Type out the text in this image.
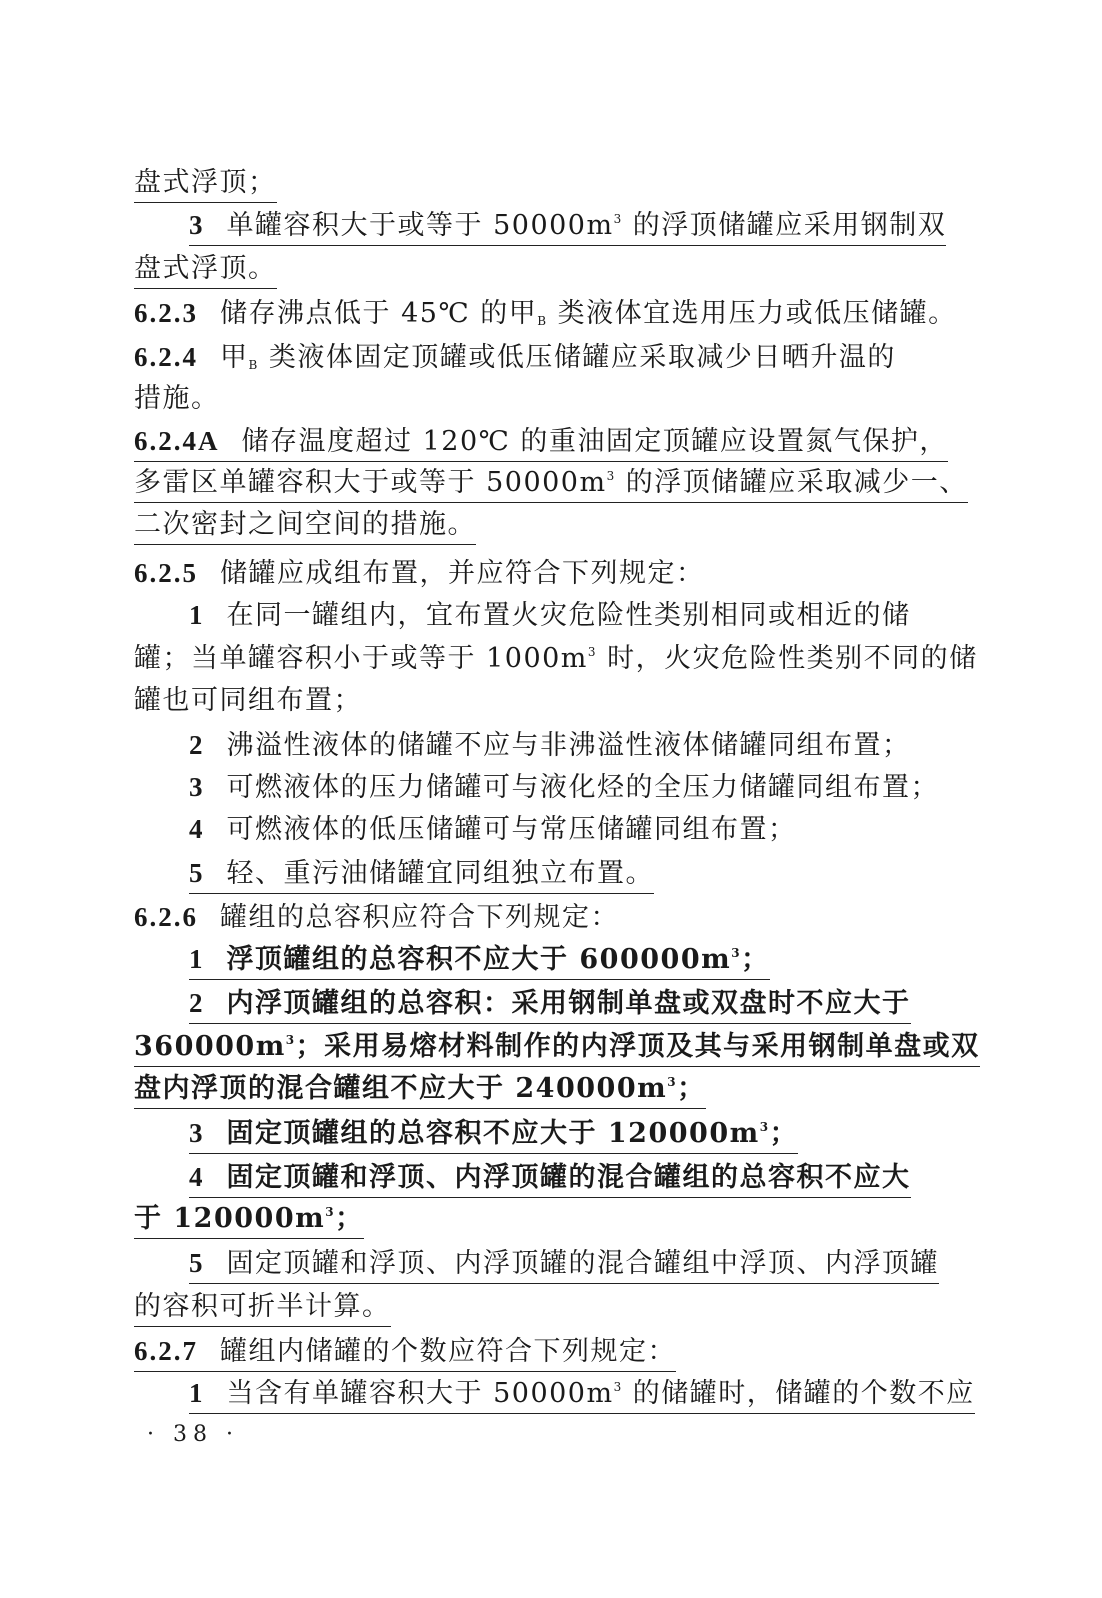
盘式浮顶；
3 单罐容积大于或等于 $50000m^3$ 的浮顶储罐应采用钢制双
盘式浮顶。
6.2.3 储存沸点低于 45℃ 的甲$_B$ 类液体宜选用压力或低压储罐。
6.2.4 甲$_B$ 类液体固定顶罐或低压储罐应采取减少日晒升温的
措施。
6.2.4A 储存温度超过 120℃ 的重油固定顶罐应设置氮气保护，
多雷区单罐容积大于或等于 $50000m^3$ 的浮顶储罐应采取减少一、
二次密封之间空间的措施。
6.2.5 储罐应成组布置，并应符合下列规定：
1 在同一罐组内，宜布置火灾危险性类别相同或相近的储
罐；当单罐容积小于或等于 $1000m^3$ 时，火灾危险性类别不同的储
罐也可同组布置；
2 沸溢性液体的储罐不应与非沸溢性液体储罐同组布置；
3 可燃液体的压力储罐可与液化烃的全压力储罐同组布置；
4 可燃液体的低压储罐可与常压储罐同组布置；
5 轻、重污油储罐宜同组独立布置。
6.2.6 罐组的总容积应符合下列规定：
1 浮顶罐组的总容积不应大于 $600000m^3$；
2 内浮顶罐组的总容积：采用钢制单盘或双盘时不应大于
$360000m^3$；采用易熔材料制作的内浮顶及其与采用钢制单盘或双
盘内浮顶的混合罐组不应大于 $240000m^3$；
3 固定顶罐组的总容积不应大于 $120000m^3$；
4 固定顶罐和浮顶、内浮顶罐的混合罐组的总容积不应大
于 $120000m^3$；
5 固定顶罐和浮顶、内浮顶罐的混合罐组中浮顶、内浮顶罐
的容积可折半计算。
6.2.7 罐组内储罐的个数应符合下列规定：
1 当含有单罐容积大于 $50000m^3$ 的储罐时，储罐的个数不应
· 38 ·
